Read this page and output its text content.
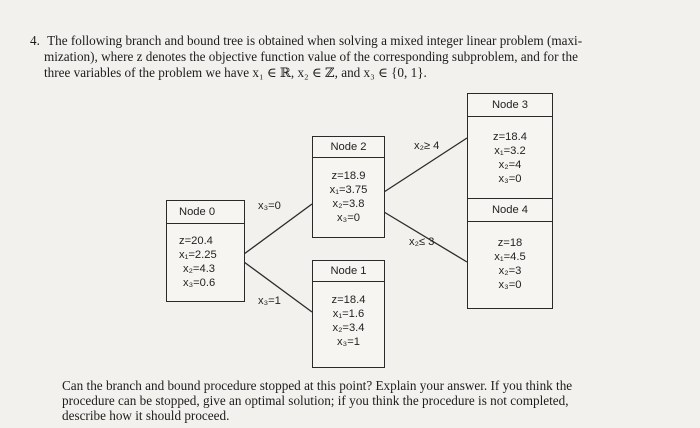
4. The following branch and bound tree is obtained when solving a mixed integer linear problem (maxi-
mization), where z denotes the objective function value of the corresponding subproblem, and for the
three variables of the problem we have x₁ ∈ ℝ, x₂ ∈ ℤ, and x₃ ∈ {0, 1}.
Node 0
z=20.4
x₁=2.25
x₂=4.3
x₃=0.6
Node 2
z=18.9
x₁=3.75
x₂=3.8
x₃=0
Node 1
z=18.4
x₁=1.6
x₂=3.4
x₃=1
Node 3
z=18.4
x₁=3.2
x₂=4
x₃=0
Node 4
z=18
x₁=4.5
x₂=3
x₃=0
x₃=0
x₃=1
x₂≥ 4
x₂≤ 3
Can the branch and bound procedure stopped at this point? Explain your answer. If you think the
procedure can be stopped, give an optimal solution; if you think the procedure is not completed,
describe how it should proceed.
